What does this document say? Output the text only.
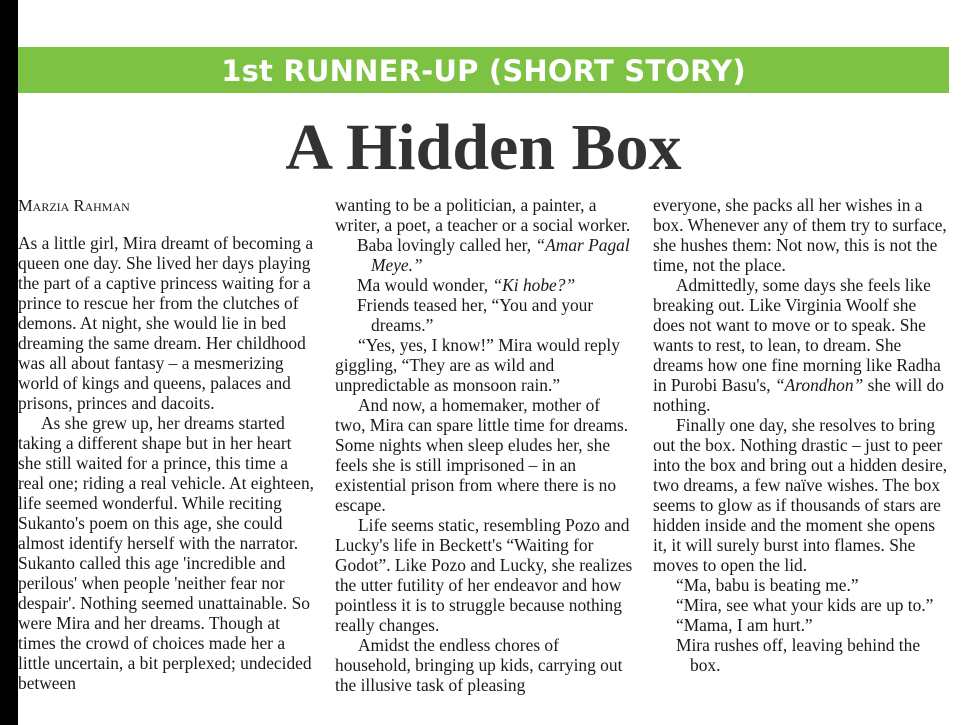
1st RUNNER-UP (SHORT STORY)
A Hidden Box
Marzia Rahman

As a little girl, Mira dreamt of becoming a queen one day. She lived her days playing the part of a captive princess waiting for a prince to rescue her from the clutches of demons. At night, she would lie in bed dreaming the same dream. Her childhood was all about fantasy – a mesmerizing world of kings and queens, palaces and prisons, princes and dacoits.

As she grew up, her dreams started taking a different shape but in her heart she still waited for a prince, this time a real one; riding a real vehicle. At eighteen, life seemed wonderful. While reciting Sukanto's poem on this age, she could almost identify herself with the narrator. Sukanto called this age 'incredible and perilous' when people 'neither fear nor despair'. Nothing seemed unattainable. So were Mira and her dreams. Though at times the crowd of choices made her a little uncertain, a bit perplexed; undecided between

wanting to be a politician, a painter, a writer, a poet, a teacher or a social worker.

Baba lovingly called her, “Amar Pagal Meye.”

Ma would wonder, “Ki hobe?”

Friends teased her, “You and your dreams.”

“Yes, yes, I know!” Mira would reply giggling, “They are as wild and unpredictable as monsoon rain.”

And now, a homemaker, mother of two, Mira can spare little time for dreams. Some nights when sleep eludes her, she feels she is still imprisoned – in an existential prison from where there is no escape.

Life seems static, resembling Pozo and Lucky's life in Beckett's “Waiting for Godot”. Like Pozo and Lucky, she realizes the utter futility of her endeavor and how pointless it is to struggle because nothing really changes.

Amidst the endless chores of household, bringing up kids, carrying out the illusive task of pleasing

everyone, she packs all her wishes in a box. Whenever any of them try to surface, she hushes them: Not now, this is not the time, not the place.

Admittedly, some days she feels like breaking out. Like Virginia Woolf she does not want to move or to speak. She wants to rest, to lean, to dream. She dreams how one fine morning like Radha in Purobi Basu's, “Arondhon” she will do nothing.

Finally one day, she resolves to bring out the box. Nothing drastic – just to peer into the box and bring out a hidden desire, two dreams, a few naïve wishes. The box seems to glow as if thousands of stars are hidden inside and the moment she opens it, it will surely burst into flames. She moves to open the lid.

“Ma, babu is beating me.”

“Mira, see what your kids are up to.”

“Mama, I am hurt.”

Mira rushes off, leaving behind the box.
